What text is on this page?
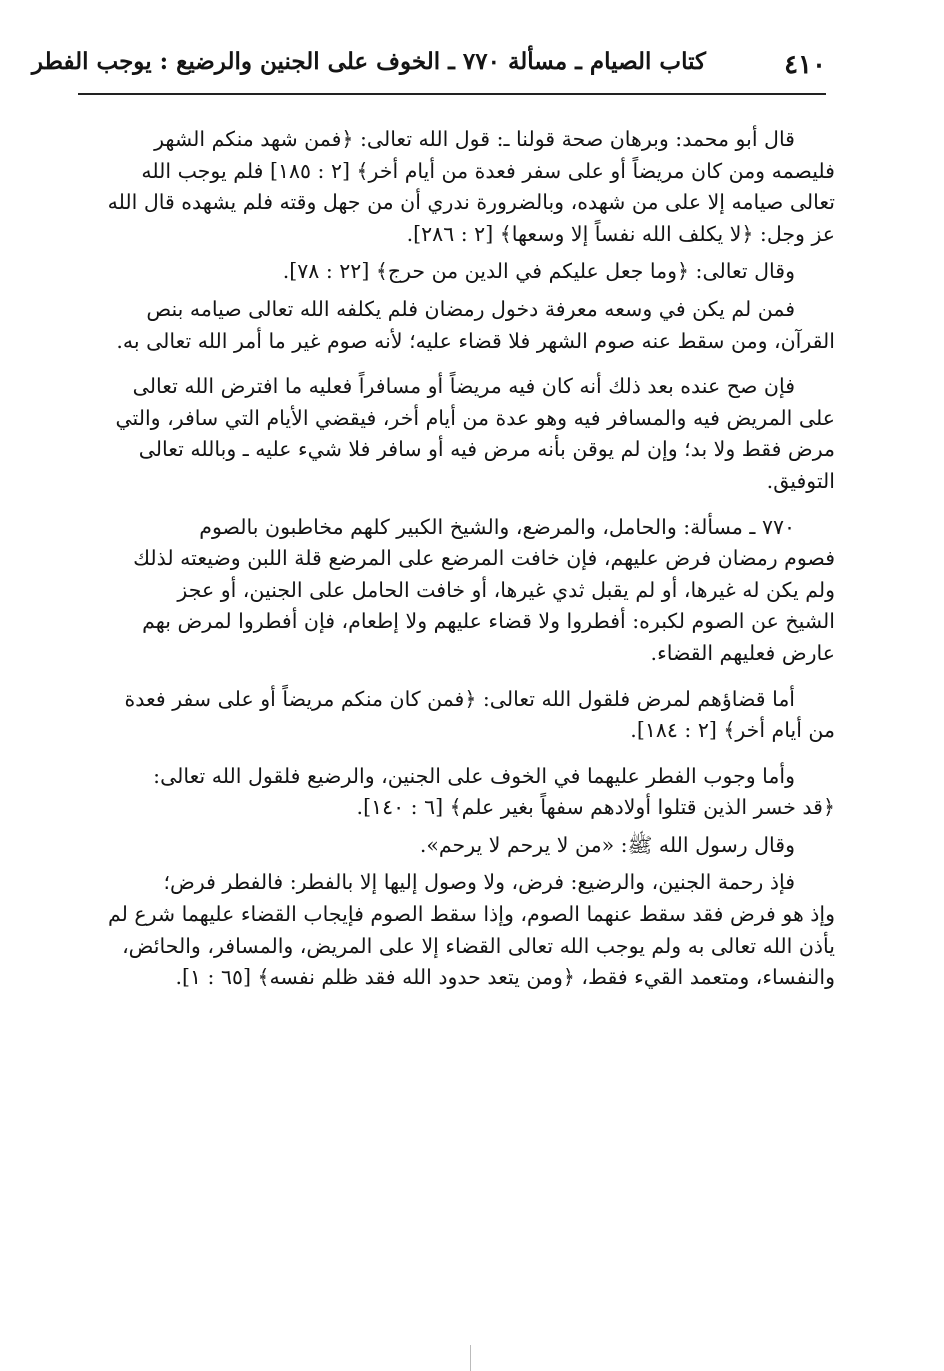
٤١٠
كتاب الصيام ـ مسألة ٧٧٠ ـ الخوف على الجنين والرضيع : يوجب الفطر
قال أبو محمد: وبرهان صحة قولنا ـ: قول الله تعالى: ﴿فمن شهد منكم الشهر
فليصمه ومن كان مريضاً أو على سفر فعدة من أيام أخر﴾ [٢ : ١٨٥] فلم يوجب الله
تعالى صيامه إلا على من شهده، وبالضرورة ندري أن من جهل وقته فلم يشهده قال الله
عز وجل: ﴿لا يكلف الله نفساً إلا وسعها﴾ [٢ : ٢٨٦].
وقال تعالى: ﴿وما جعل عليكم في الدين من حرج﴾ [٢٢ : ٧٨].
فمن لم يكن في وسعه معرفة دخول رمضان فلم يكلفه الله تعالى صيامه بنص
القرآن، ومن سقط عنه صوم الشهر فلا قضاء عليه؛ لأنه صوم غير ما أمر الله تعالى به.
فإن صح عنده بعد ذلك أنه كان فيه مريضاً أو مسافراً فعليه ما افترض الله تعالى
على المريض فيه والمسافر فيه وهو عدة من أيام أخر، فيقضي الأيام التي سافر، والتي
مرض فقط ولا بد؛ وإن لم يوقن بأنه مرض فيه أو سافر فلا شيء عليه ـ وبالله تعالى
التوفيق.
٧٧٠ ـ مسألة: والحامل، والمرضع، والشيخ الكبير كلهم مخاطبون بالصوم
فصوم رمضان فرض عليهم، فإن خافت المرضع على المرضع قلة اللبن وضيعته لذلك
ولم يكن له غيرها، أو لم يقبل ثدي غيرها، أو خافت الحامل على الجنين، أو عجز
الشيخ عن الصوم لكبره: أفطروا ولا قضاء عليهم ولا إطعام، فإن أفطروا لمرض بهم
عارض فعليهم القضاء.
أما قضاؤهم لمرض فلقول الله تعالى: ﴿فمن كان منكم مريضاً أو على سفر فعدة
من أيام أخر﴾ [٢ : ١٨٤].
وأما وجوب الفطر عليهما في الخوف على الجنين، والرضيع فلقول الله تعالى:
﴿قد خسر الذين قتلوا أولادهم سفهاً بغير علم﴾ [٦ : ١٤٠].
وقال رسول الله ﷺ: «من لا يرحم لا يرحم».
فإذ رحمة الجنين، والرضيع: فرض، ولا وصول إليها إلا بالفطر: فالفطر فرض؛
وإذ هو فرض فقد سقط عنهما الصوم، وإذا سقط الصوم فإيجاب القضاء عليهما شرع لم
يأذن الله تعالى به ولم يوجب الله تعالى القضاء إلا على المريض، والمسافر، والحائض،
والنفساء، ومتعمد القيء فقط، ﴿ومن يتعد حدود الله فقد ظلم نفسه﴾ [٦٥ : ١].
